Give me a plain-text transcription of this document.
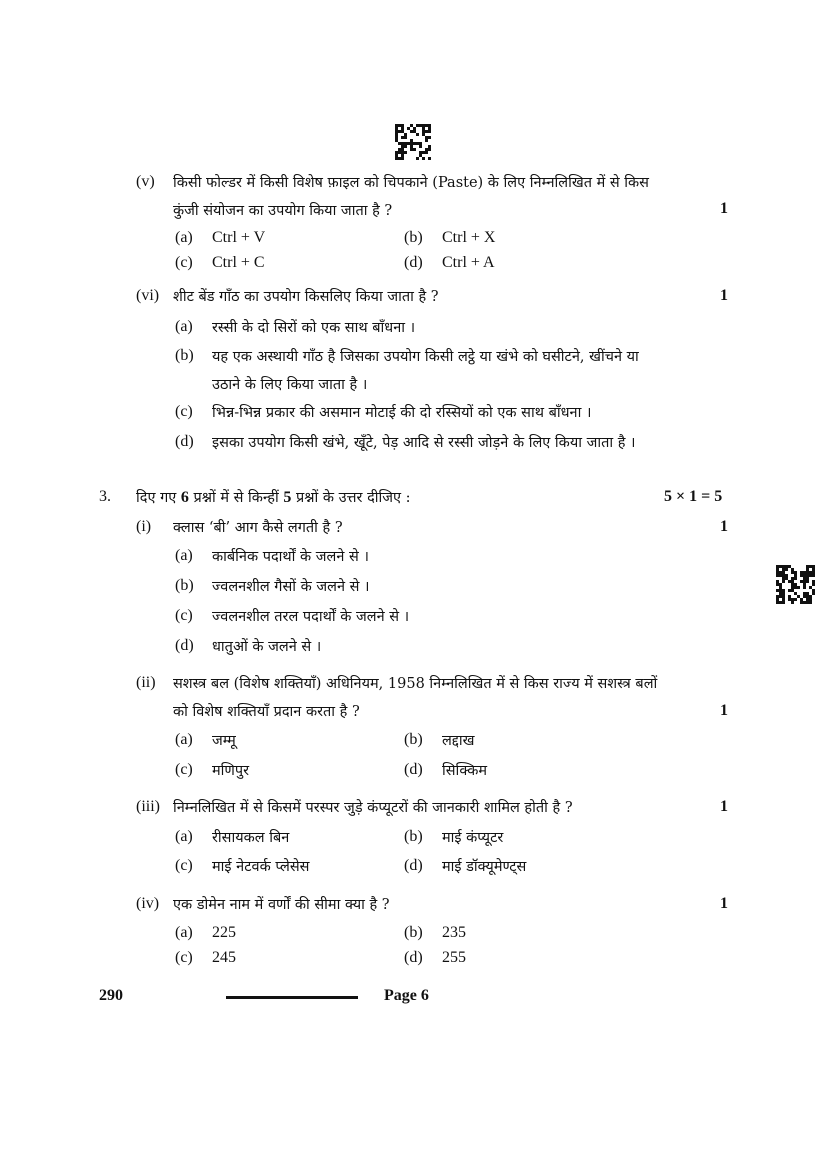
(v) किसी फोल्डर में किसी विशेष फ़ाइल को चिपकाने (Paste) के लिए निम्नलिखित में से किस
कुंजी संयोजन का उपयोग किया जाता है ?	1
(a) Ctrl + V	(b) Ctrl + X
(c) Ctrl + C	(d) Ctrl + A
(vi) शीट बेंड गाँठ का उपयोग किसलिए किया जाता है ?	1
(a) रस्सी के दो सिरों को एक साथ बाँधना ।
(b) यह एक अस्थायी गाँठ है जिसका उपयोग किसी लट्ठे या खंभे को घसीटने, खींचने या
उठाने के लिए किया जाता है ।
(c) भिन्न-भिन्न प्रकार की असमान मोटाई की दो रस्सियों को एक साथ बाँधना ।
(d) इसका उपयोग किसी खंभे, खूँटे, पेड़ आदि से रस्सी जोड़ने के लिए किया जाता है ।
3. दिए गए 6 प्रश्नों में से किन्हीं 5 प्रश्नों के उत्तर दीजिए :	5 × 1 = 5
(i) क्लास ‘बी’ आग कैसे लगती है ?	1
(a) कार्बनिक पदार्थों के जलने से ।
(b) ज्वलनशील गैसों के जलने से ।
(c) ज्वलनशील तरल पदार्थों के जलने से ।
(d) धातुओं के जलने से ।
(ii) सशस्त्र बल (विशेष शक्तियाँ) अधिनियम, 1958 निम्नलिखित में से किस राज्य में सशस्त्र बलों
को विशेष शक्तियाँ प्रदान करता है ?	1
(a) जम्मू	(b) लद्दाख
(c) मणिपुर	(d) सिक्किम
(iii) निम्नलिखित में से किसमें परस्पर जुड़े कंप्यूटरों की जानकारी शामिल होती है ?	1
(a) रीसायकल बिन	(b) माई कंप्यूटर
(c) माई नेटवर्क प्लेसेस	(d) माई डॉक्यूमेण्ट्स
(iv) एक डोमेन नाम में वर्णों की सीमा क्या है ?	1
(a) 225	(b) 235
(c) 245	(d) 255
290	Page 6
